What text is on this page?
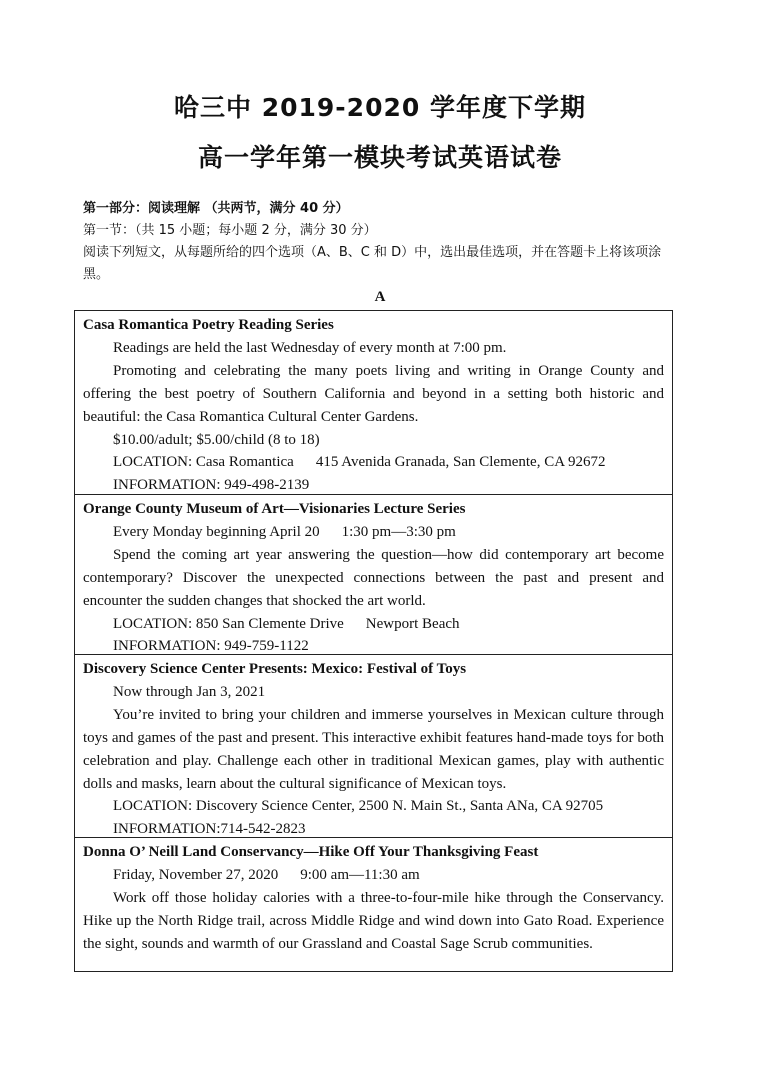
哈三中 2019-2020 学年度下学期
高一学年第一模块考试英语试卷
第一部分：阅读理解 （共两节，满分 40 分）
第一节：（共 15 小题；每小题 2 分，满分 30 分）
阅读下列短文，从每题所给的四个选项（A、B、C 和 D）中，选出最佳选项，并在答题卡上将该项涂黑。
A
Casa Romantica Poetry Reading Series
Readings are held the last Wednesday of every month at 7:00 pm.
Promoting and celebrating the many poets living and writing in Orange County and offering the best poetry of Southern California and beyond in a setting both historic and beautiful: the Casa Romantica Cultural Center Gardens.
$10.00/adult; $5.00/child (8 to 18)
LOCATION: Casa Romantica 415 Avenida Granada, San Clemente, CA 92672
INFORMATION: 949-498-2139
Orange County Museum of Art—Visionaries Lecture Series
Every Monday beginning April 20 1:30 pm—3:30 pm
Spend the coming art year answering the question—how did contemporary art become contemporary? Discover the unexpected connections between the past and present and encounter the sudden changes that shocked the art world.
LOCATION: 850 San Clemente Drive Newport Beach
INFORMATION: 949-759-1122
Discovery Science Center Presents: Mexico: Festival of Toys
Now through Jan 3, 2021
You’re invited to bring your children and immerse yourselves in Mexican culture through toys and games of the past and present. This interactive exhibit features hand-made toys for both celebration and play. Challenge each other in traditional Mexican games, play with authentic dolls and masks, learn about the cultural significance of Mexican toys.
LOCATION: Discovery Science Center, 2500 N. Main St., Santa ANa, CA 92705
INFORMATION:714-542-2823
Donna O’ Neill Land Conservancy—Hike Off Your Thanksgiving Feast
Friday, November 27, 2020 9:00 am—11:30 am
Work off those holiday calories with a three-to-four-mile hike through the Conservancy. Hike up the North Ridge trail, across Middle Ridge and wind down into Gato Road. Experience the sight, sounds and warmth of our Grassland and Coastal Sage Scrub communities.
